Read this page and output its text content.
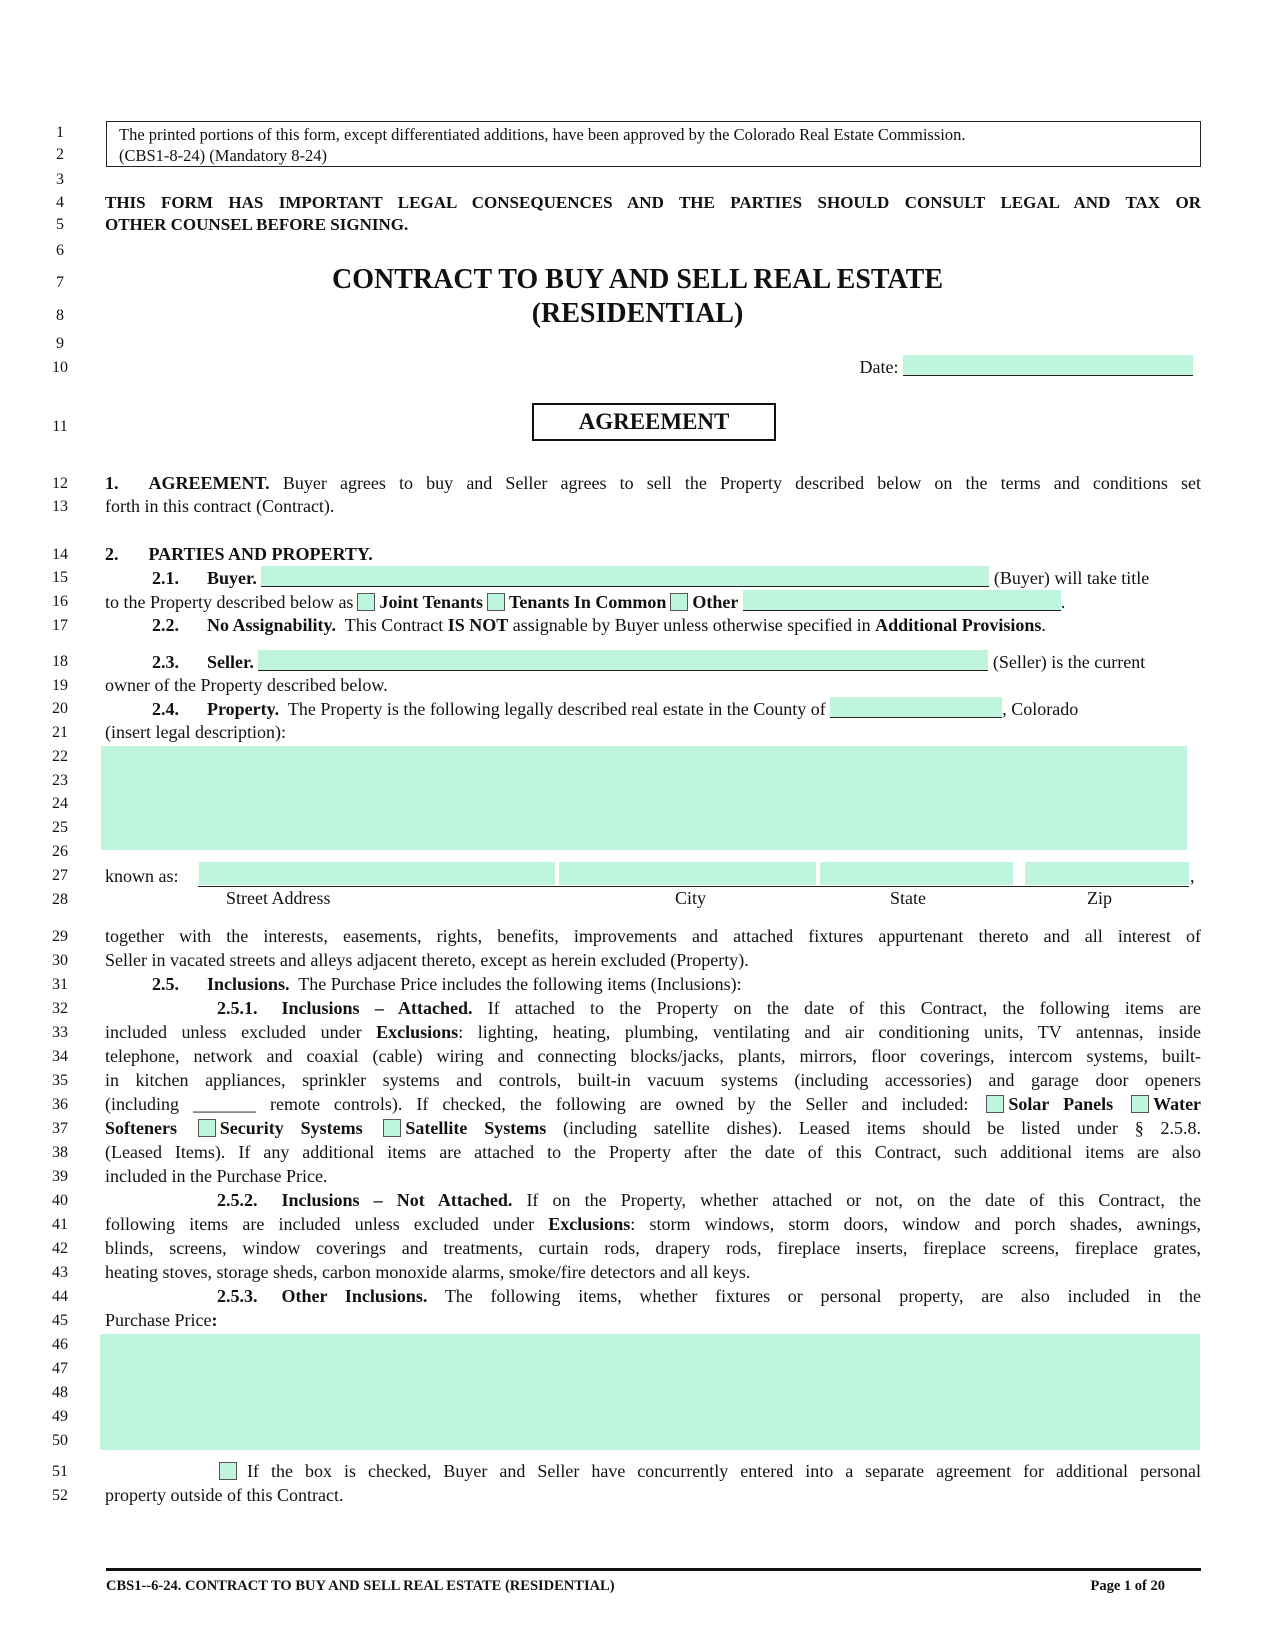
1
2
3
4
5
6
7
8
9
10
11
12
13
14
15
16
17
18
19
20
21
22
23
24
25
26
27
28
29
30
31
32
33
34
35
36
37
38
39
40
41
42
43
44
45
46
47
48
49
50
51
52
The printed portions of this form, except differentiated additions, have been approved by the Colorado Real Estate Commission.
(CBS1-8-24) (Mandatory 8-24)
THIS FORM HAS IMPORTANT LEGAL CONSEQUENCES AND THE PARTIES SHOULD CONSULT LEGAL AND TAX OR
OTHER COUNSEL BEFORE SIGNING.
CONTRACT TO BUY AND SELL REAL ESTATE
(RESIDENTIAL)
Date:
AGREEMENT
1. AGREEMENT. Buyer agrees to buy and Seller agrees to sell the Property described below on the terms and conditions set
forth in this contract (Contract).
2. PARTIES AND PROPERTY.
2.1. Buyer.	(Buyer) will take title
to the Property described below as Joint Tenants Tenants In Common Other	.
2.2. No Assignability. This Contract IS NOT assignable by Buyer unless otherwise specified in Additional Provisions.
2.3. Seller.	(Seller) is the current
owner of the Property described below.
2.4. Property. The Property is the following legally described real estate in the County of	, Colorado
(insert legal description):
known as:	,
Street Address	City	State	Zip
together with the interests, easements, rights, benefits, improvements and attached fixtures appurtenant thereto and all interest of
Seller in vacated streets and alleys adjacent thereto, except as herein excluded (Property).
2.5. Inclusions. The Purchase Price includes the following items (Inclusions):
2.5.1. Inclusions – Attached. If attached to the Property on the date of this Contract, the following items are
included unless excluded under Exclusions: lighting, heating, plumbing, ventilating and air conditioning units, TV antennas, inside
telephone, network and coaxial (cable) wiring and connecting blocks/jacks, plants, mirrors, floor coverings, intercom systems, built-
in kitchen appliances, sprinkler systems and controls, built-in vacuum systems (including accessories) and garage door openers
(including _______ remote controls). If checked, the following are owned by the Seller and included: Solar Panels Water
Softeners Security Systems Satellite Systems (including satellite dishes). Leased items should be listed under § 2.5.8.
(Leased Items). If any additional items are attached to the Property after the date of this Contract, such additional items are also
included in the Purchase Price.
2.5.2. Inclusions – Not Attached. If on the Property, whether attached or not, on the date of this Contract, the
following items are included unless excluded under Exclusions: storm windows, storm doors, window and porch shades, awnings,
blinds, screens, window coverings and treatments, curtain rods, drapery rods, fireplace inserts, fireplace screens, fireplace grates,
heating stoves, storage sheds, carbon monoxide alarms, smoke/fire detectors and all keys.
2.5.3. Other Inclusions. The following items, whether fixtures or personal property, are also included in the
Purchase Price:
If the box is checked, Buyer and Seller have concurrently entered into a separate agreement for additional personal
property outside of this Contract.
CBS1--6-24. CONTRACT TO BUY AND SELL REAL ESTATE (RESIDENTIAL)	Page 1 of 20
